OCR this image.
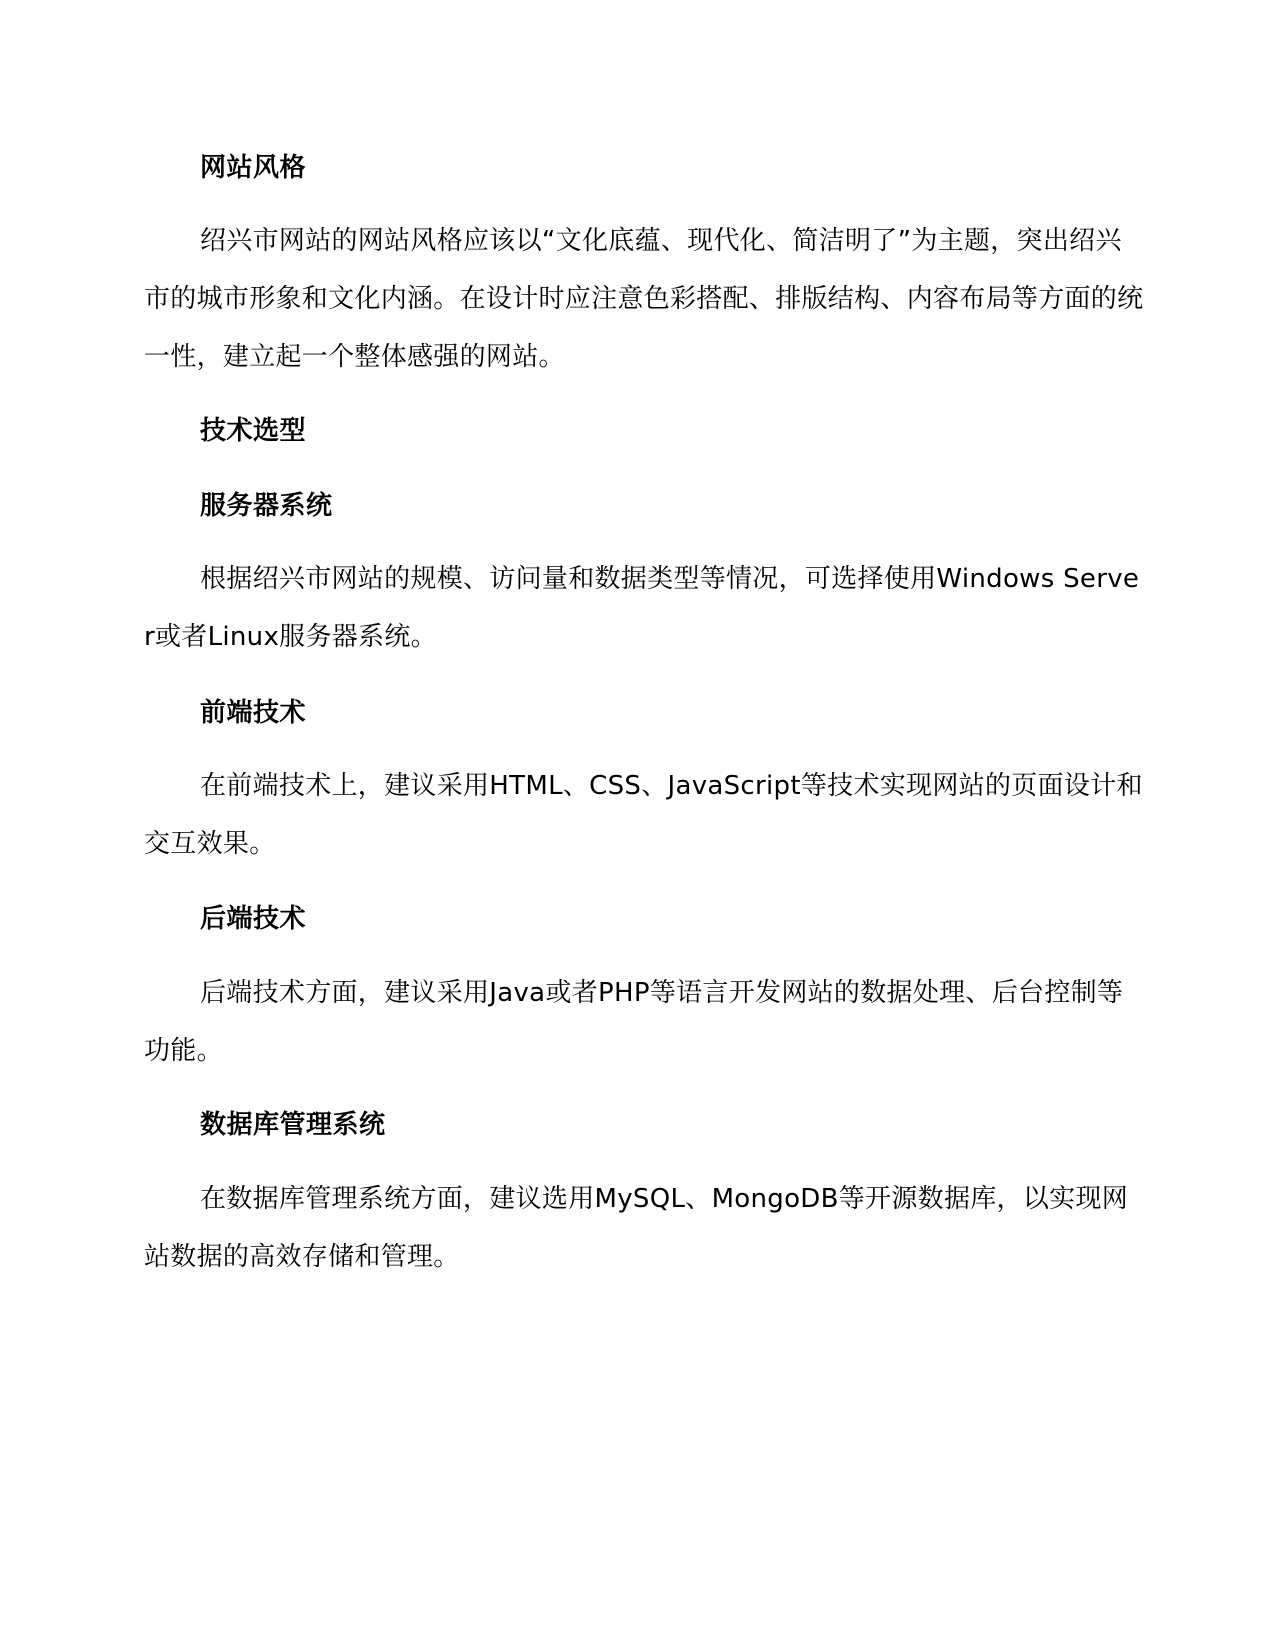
网站风格

绍兴市网站的网站风格应该以“文化底蕴、现代化、简洁明了”为主题，突出绍兴市的城市形象和文化内涵。在设计时应注意色彩搭配、排版结构、内容布局等方面的统一性，建立起一个整体感强的网站。

技术选型
服务器系统

根据绍兴市网站的规模、访问量和数据类型等情况，可选择使用Windows Server或者Linux服务器系统。

前端技术

在前端技术上，建议采用HTML、CSS、JavaScript等技术实现网站的页面设计和交互效果。

后端技术

后端技术方面，建议采用Java或者PHP等语言开发网站的数据处理、后台控制等功能。

数据库管理系统

在数据库管理系统方面，建议选用MySQL、MongoDB等开源数据库，以实现网站数据的高效存储和管理。
